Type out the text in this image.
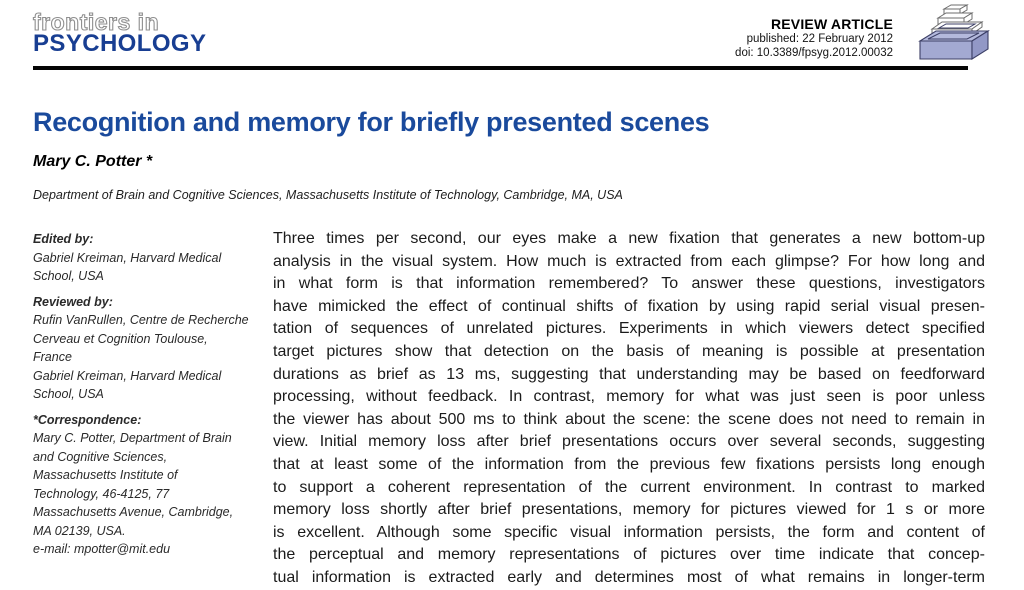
frontiers in
PSYCHOLOGY
REVIEW ARTICLE
published: 22 February 2012
doi: 10.3389/fpsyg.2012.00032
Recognition and memory for briefly presented scenes
Mary C. Potter *
Department of Brain and Cognitive Sciences, Massachusetts Institute of Technology, Cambridge, MA, USA
Edited by:
Gabriel Kreiman, Harvard Medical
School, USA
Reviewed by:
Rufin VanRullen, Centre de Recherche
Cerveau et Cognition Toulouse,
France
Gabriel Kreiman, Harvard Medical
School, USA
*Correspondence:
Mary C. Potter, Department of Brain
and Cognitive Sciences,
Massachusetts Institute of
Technology, 46-4125, 77
Massachusetts Avenue, Cambridge,
MA 02139, USA.
e-mail: mpotter@mit.edu
Three times per second, our eyes make a new fixation that generates a new bottom-up
analysis in the visual system. How much is extracted from each glimpse? For how long and
in what form is that information remembered? To answer these questions, investigators
have mimicked the effect of continual shifts of fixation by using rapid serial visual presen-
tation of sequences of unrelated pictures. Experiments in which viewers detect specified
target pictures show that detection on the basis of meaning is possible at presentation
durations as brief as 13 ms, suggesting that understanding may be based on feedforward
processing, without feedback. In contrast, memory for what was just seen is poor unless
the viewer has about 500 ms to think about the scene: the scene does not need to remain in
view. Initial memory loss after brief presentations occurs over several seconds, suggesting
that at least some of the information from the previous few fixations persists long enough
to support a coherent representation of the current environment. In contrast to marked
memory loss shortly after brief presentations, memory for pictures viewed for 1 s or more
is excellent. Although some specific visual information persists, the form and content of
the perceptual and memory representations of pictures over time indicate that concep-
tual information is extracted early and determines most of what remains in longer-term
